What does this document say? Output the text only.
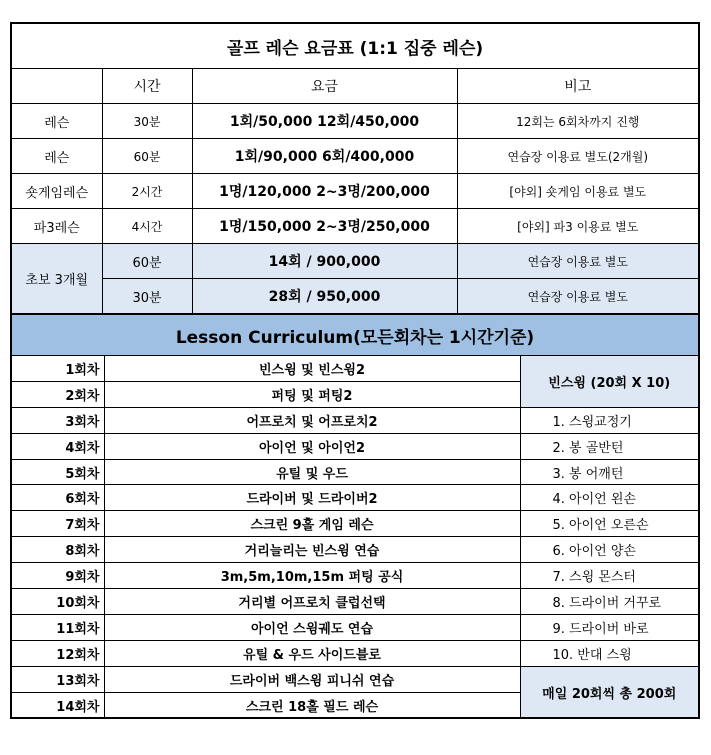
골프 레슨 요금표 (1:1 집중 레슨)			
	시간	요금	비고
레슨	30분	1회/50,000 12회/450,000	12회는 6회차까지 진행
레슨	60분	1회/90,000 6회/400,000	연습장 이용료 별도(2개월)
숏게임레슨	2시간	1명/120,000 2~3명/200,000	[야외] 숏게임 이용료 별도
파3레슨	4시간	1명/150,000 2~3명/250,000	[야외] 파3 이용료 별도
초보 3개월	60분	14회 / 900,000	연습장 이용료 별도
	30분	28회 / 950,000	연습장 이용료 별도
Lesson Curriculum(모든회차는 1시간기준)		
1회차	빈스윙 및 빈스윙2	빈스윙 (20회 X 10)
2회차	퍼팅 및 퍼팅2	
3회차	어프로치 및 어프로치2	1. 스윙교정기
4회차	아이언 및 아이언2	2. 봉 골반턴
5회차	유틸 및 우드	3. 봉 어깨턴
6회차	드라이버 및 드라이버2	4. 아이언 왼손
7회차	스크린 9홀 게임 레슨	5. 아이언 오른손
8회차	거리늘리는 빈스윙 연습	6. 아이언 양손
9회차	3m,5m,10m,15m 퍼팅 공식	7. 스윙 몬스터
10회차	거리별 어프로치 클럽선택	8. 드라이버 거꾸로
11회차	아이언 스윙궤도 연습	9. 드라이버 바로
12회차	유틸 & 우드 사이드블로	10. 반대 스윙
13회차	드라이버 백스윙 피니쉬 연습	매일 20회씩 총 200회
14회차	스크린 18홀 필드 레슨	
